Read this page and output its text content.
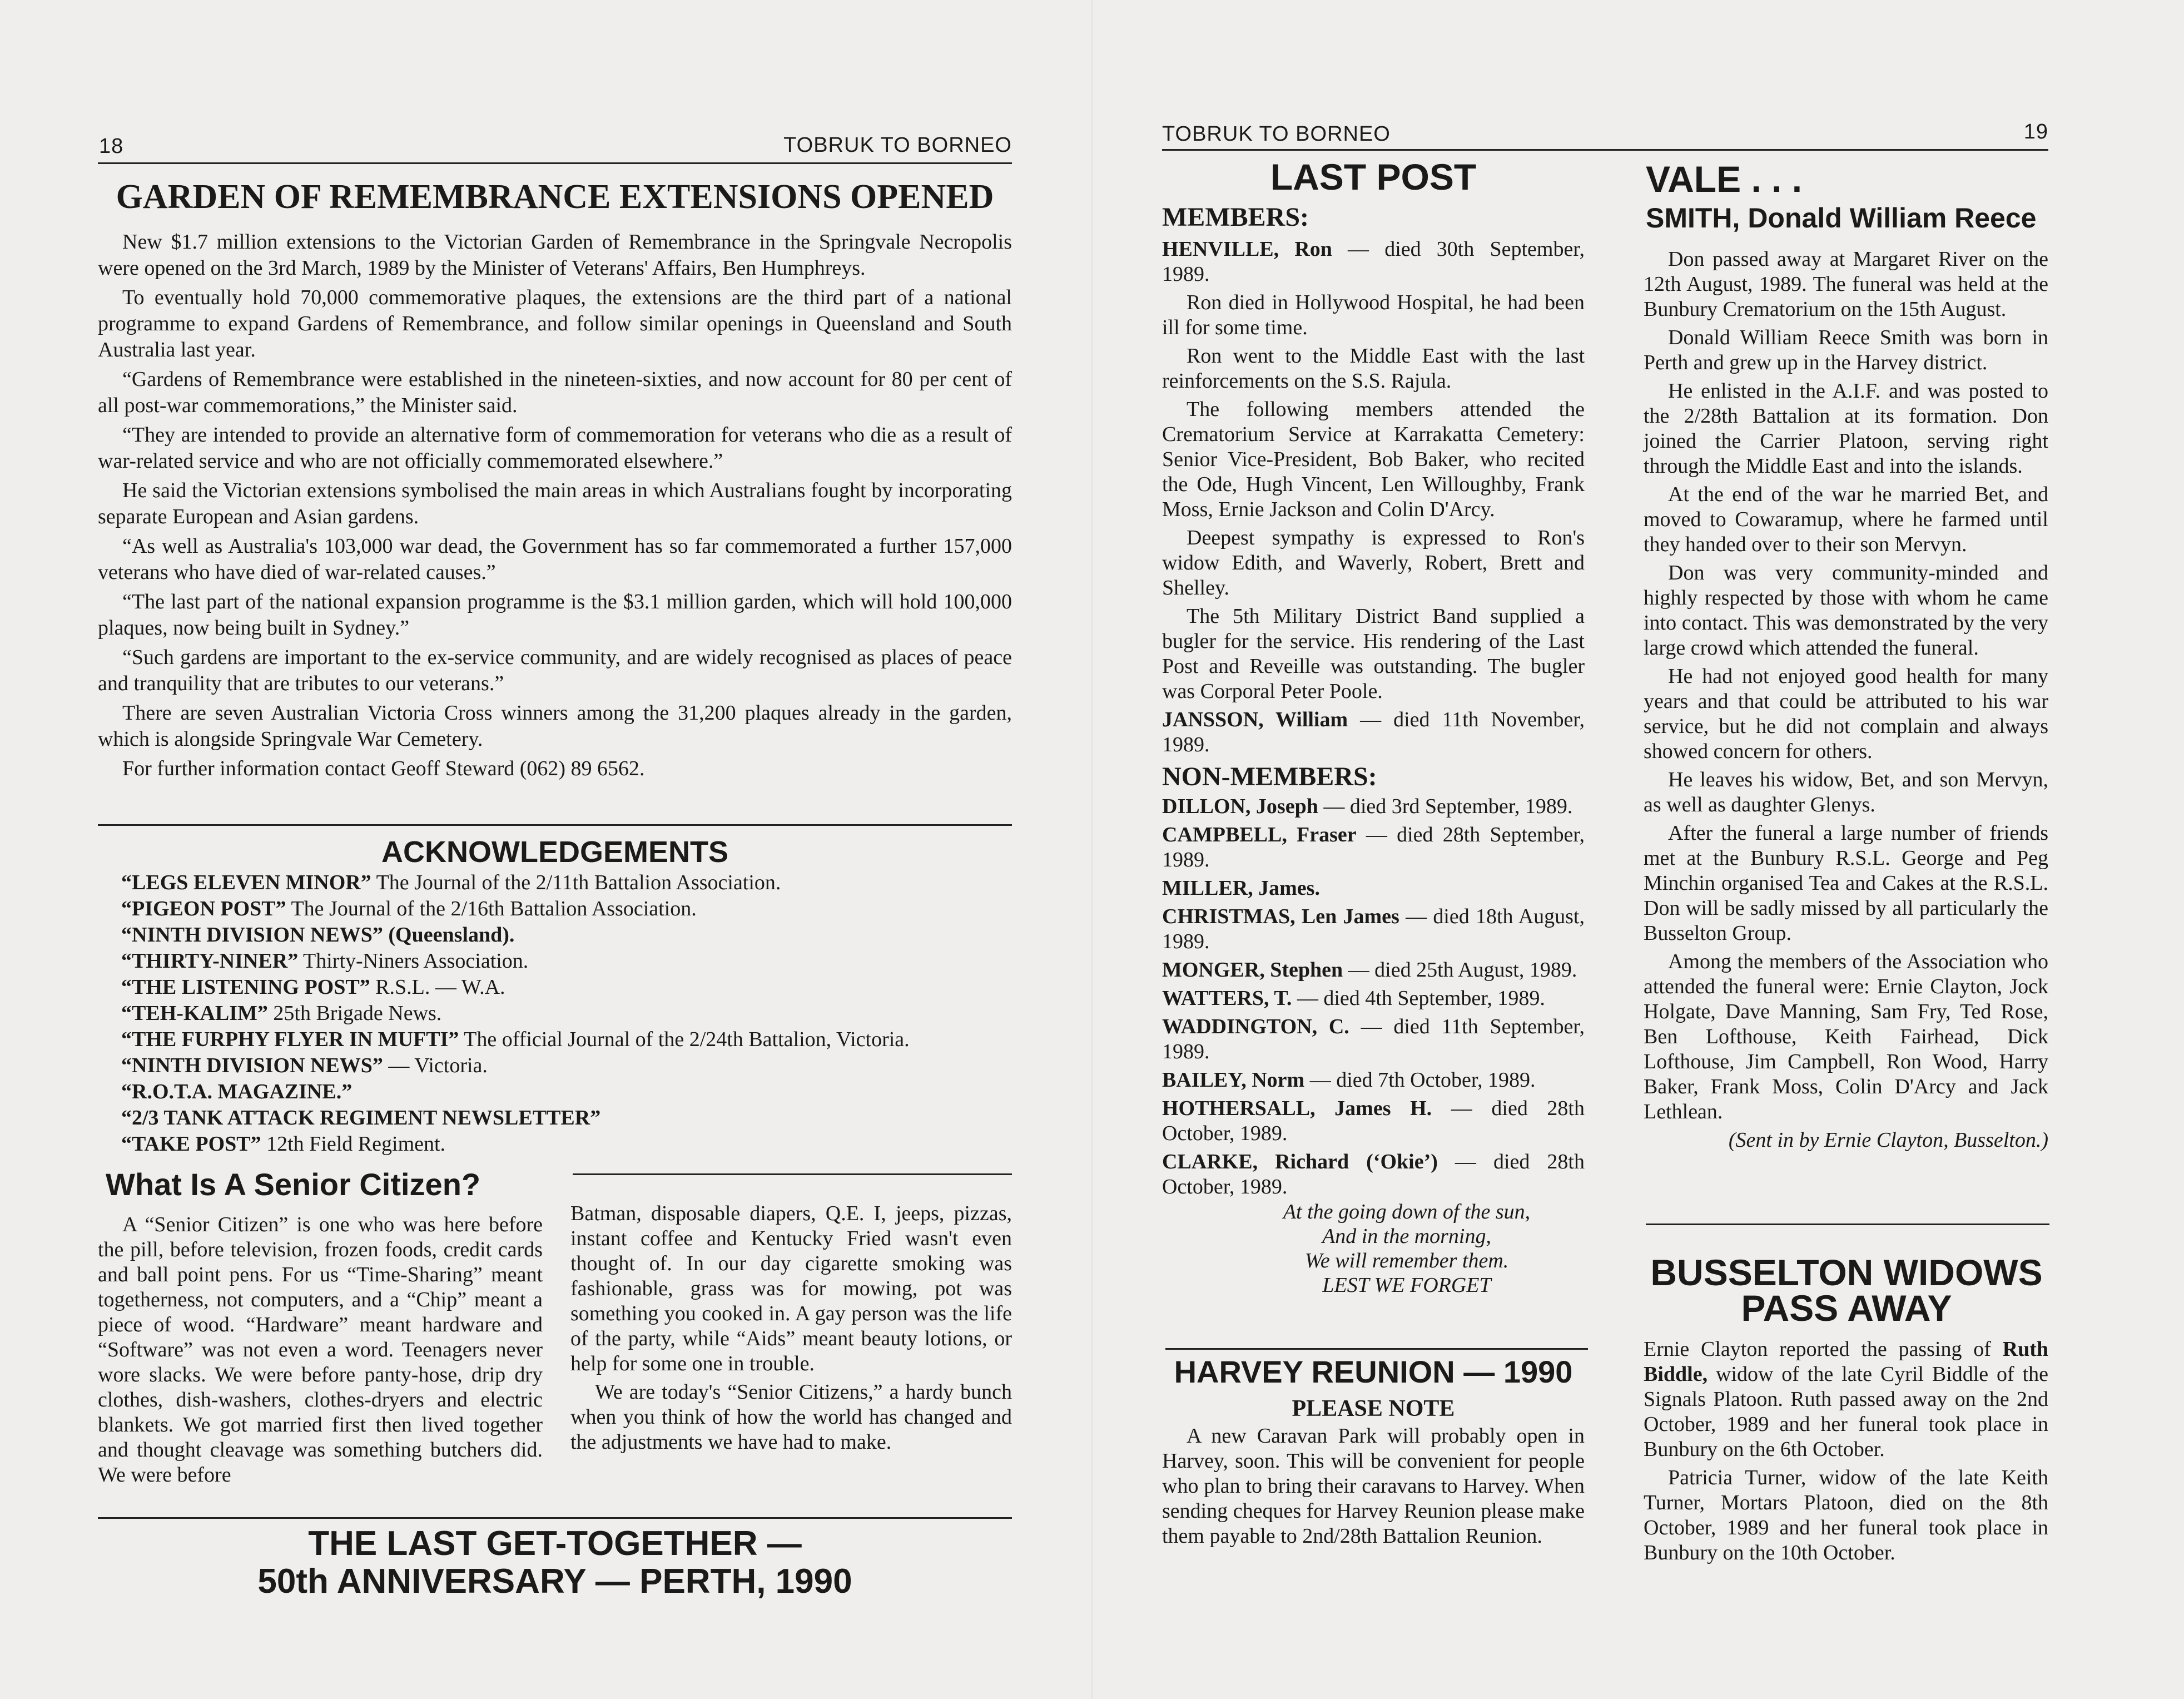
18	TOBRUK TO BORNEO
GARDEN OF REMEMBRANCE EXTENSIONS OPENED

New $1.7 million extensions to the Victorian Garden of Remembrance in the Springvale Necropolis were opened on the 3rd March, 1989 by the Minister of Veterans' Affairs, Ben Humphreys.

To eventually hold 70,000 commemorative plaques, the extensions are the third part of a national programme to expand Gardens of Remembrance, and follow similar openings in Queensland and South Australia last year.

“Gardens of Remembrance were established in the nineteen-sixties, and now account for 80 per cent of all post-war commemorations,” the Minister said.

“They are intended to provide an alternative form of commemoration for veterans who die as a result of war-related service and who are not officially commemorated elsewhere.”

He said the Victorian extensions symbolised the main areas in which Australians fought by incorporating separate European and Asian gardens.

“As well as Australia's 103,000 war dead, the Government has so far commemorated a further 157,000 veterans who have died of war-related causes.”

“The last part of the national expansion programme is the $3.1 million garden, which will hold 100,000 plaques, now being built in Sydney.”

“Such gardens are important to the ex-service community, and are widely recognised as places of peace and tranquility that are tributes to our veterans.”

There are seven Australian Victoria Cross winners among the 31,200 plaques already in the garden, which is alongside Springvale War Cemetery.

For further information contact Geoff Steward (062) 89 6562.

ACKNOWLEDGEMENTS
“LEGS ELEVEN MINOR” The Journal of the 2/11th Battalion Association.
“PIGEON POST” The Journal of the 2/16th Battalion Association.
“NINTH DIVISION NEWS” (Queensland).
“THIRTY-NINER” Thirty-Niners Association.
“THE LISTENING POST” R.S.L. — W.A.
“TEH-KALIM” 25th Brigade News.
“THE FURPHY FLYER IN MUFTI” The official Journal of the 2/24th Battalion, Victoria.
“NINTH DIVISION NEWS” — Victoria.
“R.O.T.A. MAGAZINE.”
“2/3 TANK ATTACK REGIMENT NEWSLETTER”
“TAKE POST” 12th Field Regiment.
What Is A Senior Citizen?

A “Senior Citizen” is one who was here before the pill, before television, frozen foods, credit cards and ball point pens. For us “Time-Sharing” meant togetherness, not computers, and a “Chip” meant a piece of wood. “Hardware” meant hardware and “Software” was not even a word. Teenagers never wore slacks. We were before panty-hose, drip dry clothes, dish-washers, clothes-dryers and electric blankets. We got married first then lived together and thought cleavage was something butchers did. We were before

Batman, disposable diapers, Q.E. I, jeeps, pizzas, instant coffee and Kentucky Fried wasn't even thought of. In our day cigarette smoking was fashionable, grass was for mowing, pot was something you cooked in. A gay person was the life of the party, while “Aids” meant beauty lotions, or help for some one in trouble.

We are today's “Senior Citizens,” a hardy bunch when you think of how the world has changed and the adjustments we have had to make.

THE LAST GET-TOGETHER —
50th ANNIVERSARY — PERTH, 1990
TOBRUK TO BORNEO	19
LAST POST
MEMBERS:
HENVILLE, Ron — died 30th September, 1989.

Ron died in Hollywood Hospital, he had been ill for some time.

Ron went to the Middle East with the last reinforcements on the S.S. Rajula.

The following members attended the Crematorium Service at Karrakatta Cemetery: Senior Vice-President, Bob Baker, who recited the Ode, Hugh Vincent, Len Willoughby, Frank Moss, Ernie Jackson and Colin D'Arcy.

Deepest sympathy is expressed to Ron's widow Edith, and Waverly, Robert, Brett and Shelley.

The 5th Military District Band supplied a bugler for the service. His rendering of the Last Post and Reveille was outstanding. The bugler was Corporal Peter Poole.

JANSSON, William — died 11th November, 1989.
NON-MEMBERS:
DILLON, Joseph — died 3rd September, 1989.
CAMPBELL, Fraser — died 28th September, 1989.
MILLER, James.
CHRISTMAS, Len James — died 18th August, 1989.
MONGER, Stephen — died 25th August, 1989.
WATTERS, T. — died 4th September, 1989.
WADDINGTON, C. — died 11th September, 1989.
BAILEY, Norm — died 7th October, 1989.
HOTHERSALL, James H. — died 28th October, 1989.
CLARKE, Richard (‘Okie’) — died 28th October, 1989.
At the going down of the sun,
And in the morning,
We will remember them.
LEST WE FORGET
HARVEY REUNION — 1990
PLEASE NOTE

A new Caravan Park will probably open in Harvey, soon. This will be convenient for people who plan to bring their caravans to Harvey. When sending cheques for Harvey Reunion please make them payable to 2nd/28th Battalion Reunion.

VALE . . .
SMITH, Donald William Reece

Don passed away at Margaret River on the 12th August, 1989. The funeral was held at the Bunbury Crematorium on the 15th August.

Donald William Reece Smith was born in Perth and grew up in the Harvey district.

He enlisted in the A.I.F. and was posted to the 2/28th Battalion at its formation. Don joined the Carrier Platoon, serving right through the Middle East and into the islands.

At the end of the war he married Bet, and moved to Cowaramup, where he farmed until they handed over to their son Mervyn.

Don was very community-minded and highly respected by those with whom he came into contact. This was demonstrated by the very large crowd which attended the funeral.

He had not enjoyed good health for many years and that could be attributed to his war service, but he did not complain and always showed concern for others.

He leaves his widow, Bet, and son Mervyn, as well as daughter Glenys.

After the funeral a large number of friends met at the Bunbury R.S.L. George and Peg Minchin organised Tea and Cakes at the R.S.L. Don will be sadly missed by all particularly the Busselton Group.

Among the members of the Association who attended the funeral were: Ernie Clayton, Jock Holgate, Dave Manning, Sam Fry, Ted Rose, Ben Lofthouse, Keith Fairhead, Dick Lofthouse, Jim Campbell, Ron Wood, Harry Baker, Frank Moss, Colin D'Arcy and Jack Lethlean.

(Sent in by Ernie Clayton, Busselton.)
BUSSELTON WIDOWS
PASS AWAY

Ernie Clayton reported the passing of Ruth Biddle, widow of the late Cyril Biddle of the Signals Platoon. Ruth passed away on the 2nd October, 1989 and her funeral took place in Bunbury on the 6th October.

Patricia Turner, widow of the late Keith Turner, Mortars Platoon, died on the 8th October, 1989 and her funeral took place in Bunbury on the 10th October.
